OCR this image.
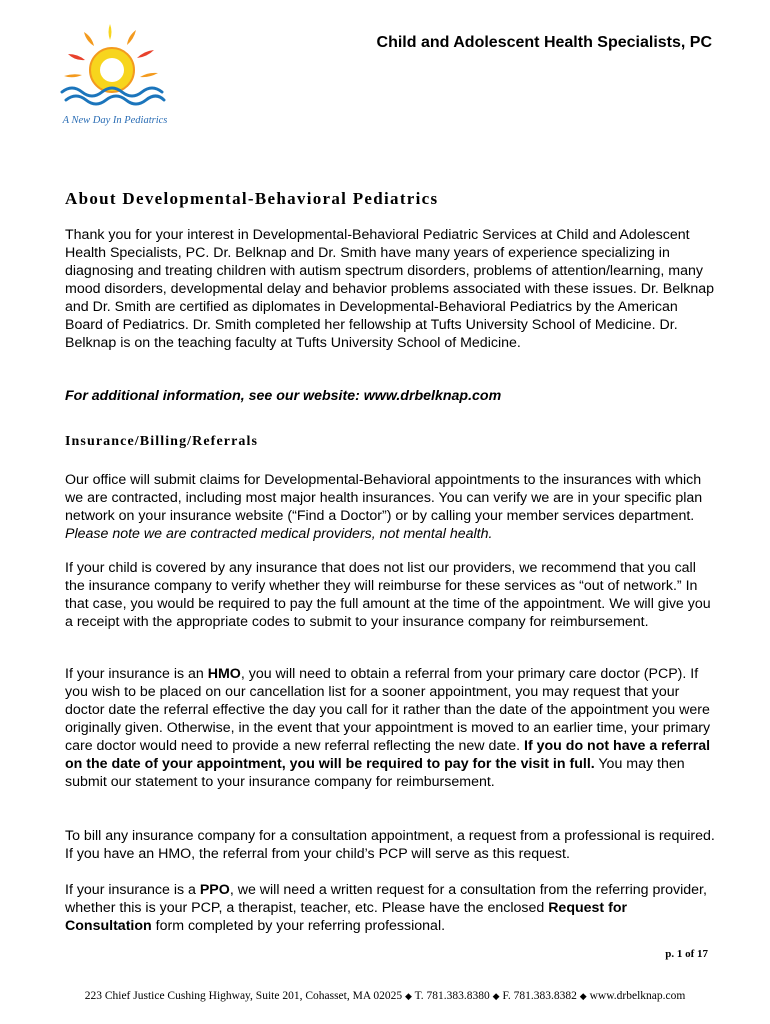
A New Day In Pediatrics
Child and Adolescent Health Specialists, PC
About Developmental-Behavioral Pediatrics

Thank you for your interest in Developmental-Behavioral Pediatric Services at Child and Adolescent Health Specialists, PC. Dr. Belknap and Dr. Smith have many years of experience specializing in diagnosing and treating children with autism spectrum disorders, problems of attention/learning, many mood disorders, developmental delay and behavior problems associated with these issues. Dr. Belknap and Dr. Smith are certified as diplomates in Developmental-Behavioral Pediatrics by the American Board of Pediatrics. Dr. Smith completed her fellowship at Tufts University School of Medicine. Dr. Belknap is on the teaching faculty at Tufts University School of Medicine.

For additional information, see our website: www.drbelknap.com

Insurance/Billing/Referrals

Our office will submit claims for Developmental-Behavioral appointments to the insurances with which we are contracted, including most major health insurances. You can verify we are in your specific plan network on your insurance website (“Find a Doctor”) or by calling your member services department. Please note we are contracted medical providers, not mental health.

If your child is covered by any insurance that does not list our providers, we recommend that you call the insurance company to verify whether they will reimburse for these services as “out of network.” In that case, you would be required to pay the full amount at the time of the appointment. We will give you a receipt with the appropriate codes to submit to your insurance company for reimbursement.

If your insurance is an HMO, you will need to obtain a referral from your primary care doctor (PCP). If you wish to be placed on our cancellation list for a sooner appointment, you may request that your doctor date the referral effective the day you call for it rather than the date of the appointment you were originally given. Otherwise, in the event that your appointment is moved to an earlier time, your primary care doctor would need to provide a new referral reflecting the new date. If you do not have a referral on the date of your appointment, you will be required to pay for the visit in full. You may then submit our statement to your insurance company for reimbursement.

To bill any insurance company for a consultation appointment, a request from a professional is required. If you have an HMO, the referral from your child’s PCP will serve as this request.

If your insurance is a PPO, we will need a written request for a consultation from the referring provider, whether this is your PCP, a therapist, teacher, etc. Please have the enclosed Request for Consultation form completed by your referring professional.

p. 1 of 17
223 Chief Justice Cushing Highway, Suite 201, Cohasset, MA 02025 ◆ T. 781.383.8380 ◆ F. 781.383.8382 ◆ www.drbelknap.com
